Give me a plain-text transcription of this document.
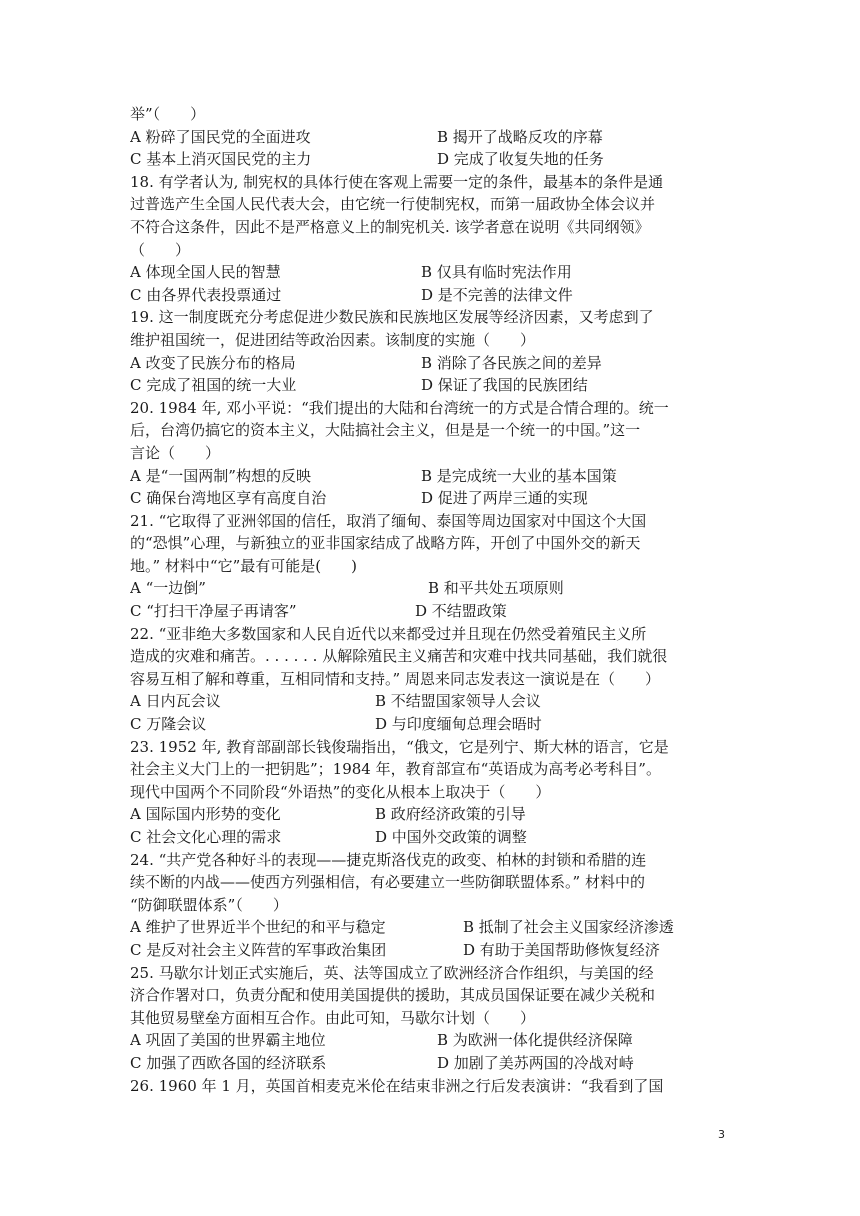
举”（　　）
A 粉碎了国民党的全面进攻	B 揭开了战略反攻的序幕
C 基本上消灭国民党的主力	D 完成了收复失地的任务
18. 有学者认为, 制宪权的具体行使在客观上需要一定的条件，最基本的条件是通
过普选产生全国人民代表大会，由它统一行使制宪权，而第一届政协全体会议并
不符合这条件，因此不是严格意义上的制宪机关. 该学者意在说明《共同纲领》
（　　）
A 体现全国人民的智慧	B 仅具有临时宪法作用
C 由各界代表投票通过	D 是不完善的法律文件
19. 这一制度既充分考虑促进少数民族和民族地区发展等经济因素，又考虑到了
维护祖国统一，促进团结等政治因素。该制度的实施（　　）
A 改变了民族分布的格局	B 消除了各民族之间的差异
C 完成了祖国的统一大业	D 保证了我国的民族团结
20. 1984 年, 邓小平说：“我们提出的大陆和台湾统一的方式是合情合理的。统一
后，台湾仍搞它的资本主义，大陆搞社会主义，但是是一个统一的中国。”这一
言论（　　）
A 是“一国两制”构想的反映	B 是完成统一大业的基本国策
C 确保台湾地区享有高度自治	D 促进了两岸三通的实现
21. “它取得了亚洲邻国的信任，取消了缅甸、泰国等周边国家对中国这个大国
的“恐惧”心理，与新独立的亚非国家结成了战略方阵，开创了中国外交的新天
地。” 材料中“它”最有可能是(　　)
A “一边倒”	B 和平共处五项原则
C “打扫干净屋子再请客”	D 不结盟政策
22. “亚非绝大多数国家和人民自近代以来都受过并且现在仍然受着殖民主义所
造成的灾难和痛苦。. . . . . . 从解除殖民主义痛苦和灾难中找共同基础，我们就很
容易互相了解和尊重，互相同情和支持。” 周恩来同志发表这一演说是在（　　）
A 日内瓦会议	B 不结盟国家领导人会议
C 万隆会议	D 与印度缅甸总理会晤时
23. 1952 年, 教育部副部长钱俊瑞指出，“俄文，它是列宁、斯大林的语言，它是
社会主义大门上的一把钥匙”；1984 年，教育部宣布“英语成为高考必考科目”。
现代中国两个不同阶段“外语热”的变化从根本上取决于（　　）
A 国际国内形势的变化	B 政府经济政策的引导
C 社会文化心理的需求	D 中国外交政策的调整
24. “共产党各种好斗的表现——捷克斯洛伐克的政变、柏林的封锁和希腊的连
续不断的内战——使西方列强相信，有必要建立一些防御联盟体系。” 材料中的
“防御联盟体系”（　　）
A 维护了世界近半个世纪的和平与稳定	B 抵制了社会主义国家经济渗透
C 是反对社会主义阵营的军事政治集团	D 有助于美国帮助修恢复经济
25. 马歇尔计划正式实施后，英、法等国成立了欧洲经济合作组织，与美国的经
济合作署对口，负责分配和使用美国提供的援助，其成员国保证要在减少关税和
其他贸易壁垒方面相互合作。由此可知，马歇尔计划（　　）
A 巩固了美国的世界霸主地位	B 为欧洲一体化提供经济保障
C 加强了西欧各国的经济联系	D 加剧了美苏两国的冷战对峙
26. 1960 年 1 月，英国首相麦克米伦在结束非洲之行后发表演讲：“我看到了国
3
